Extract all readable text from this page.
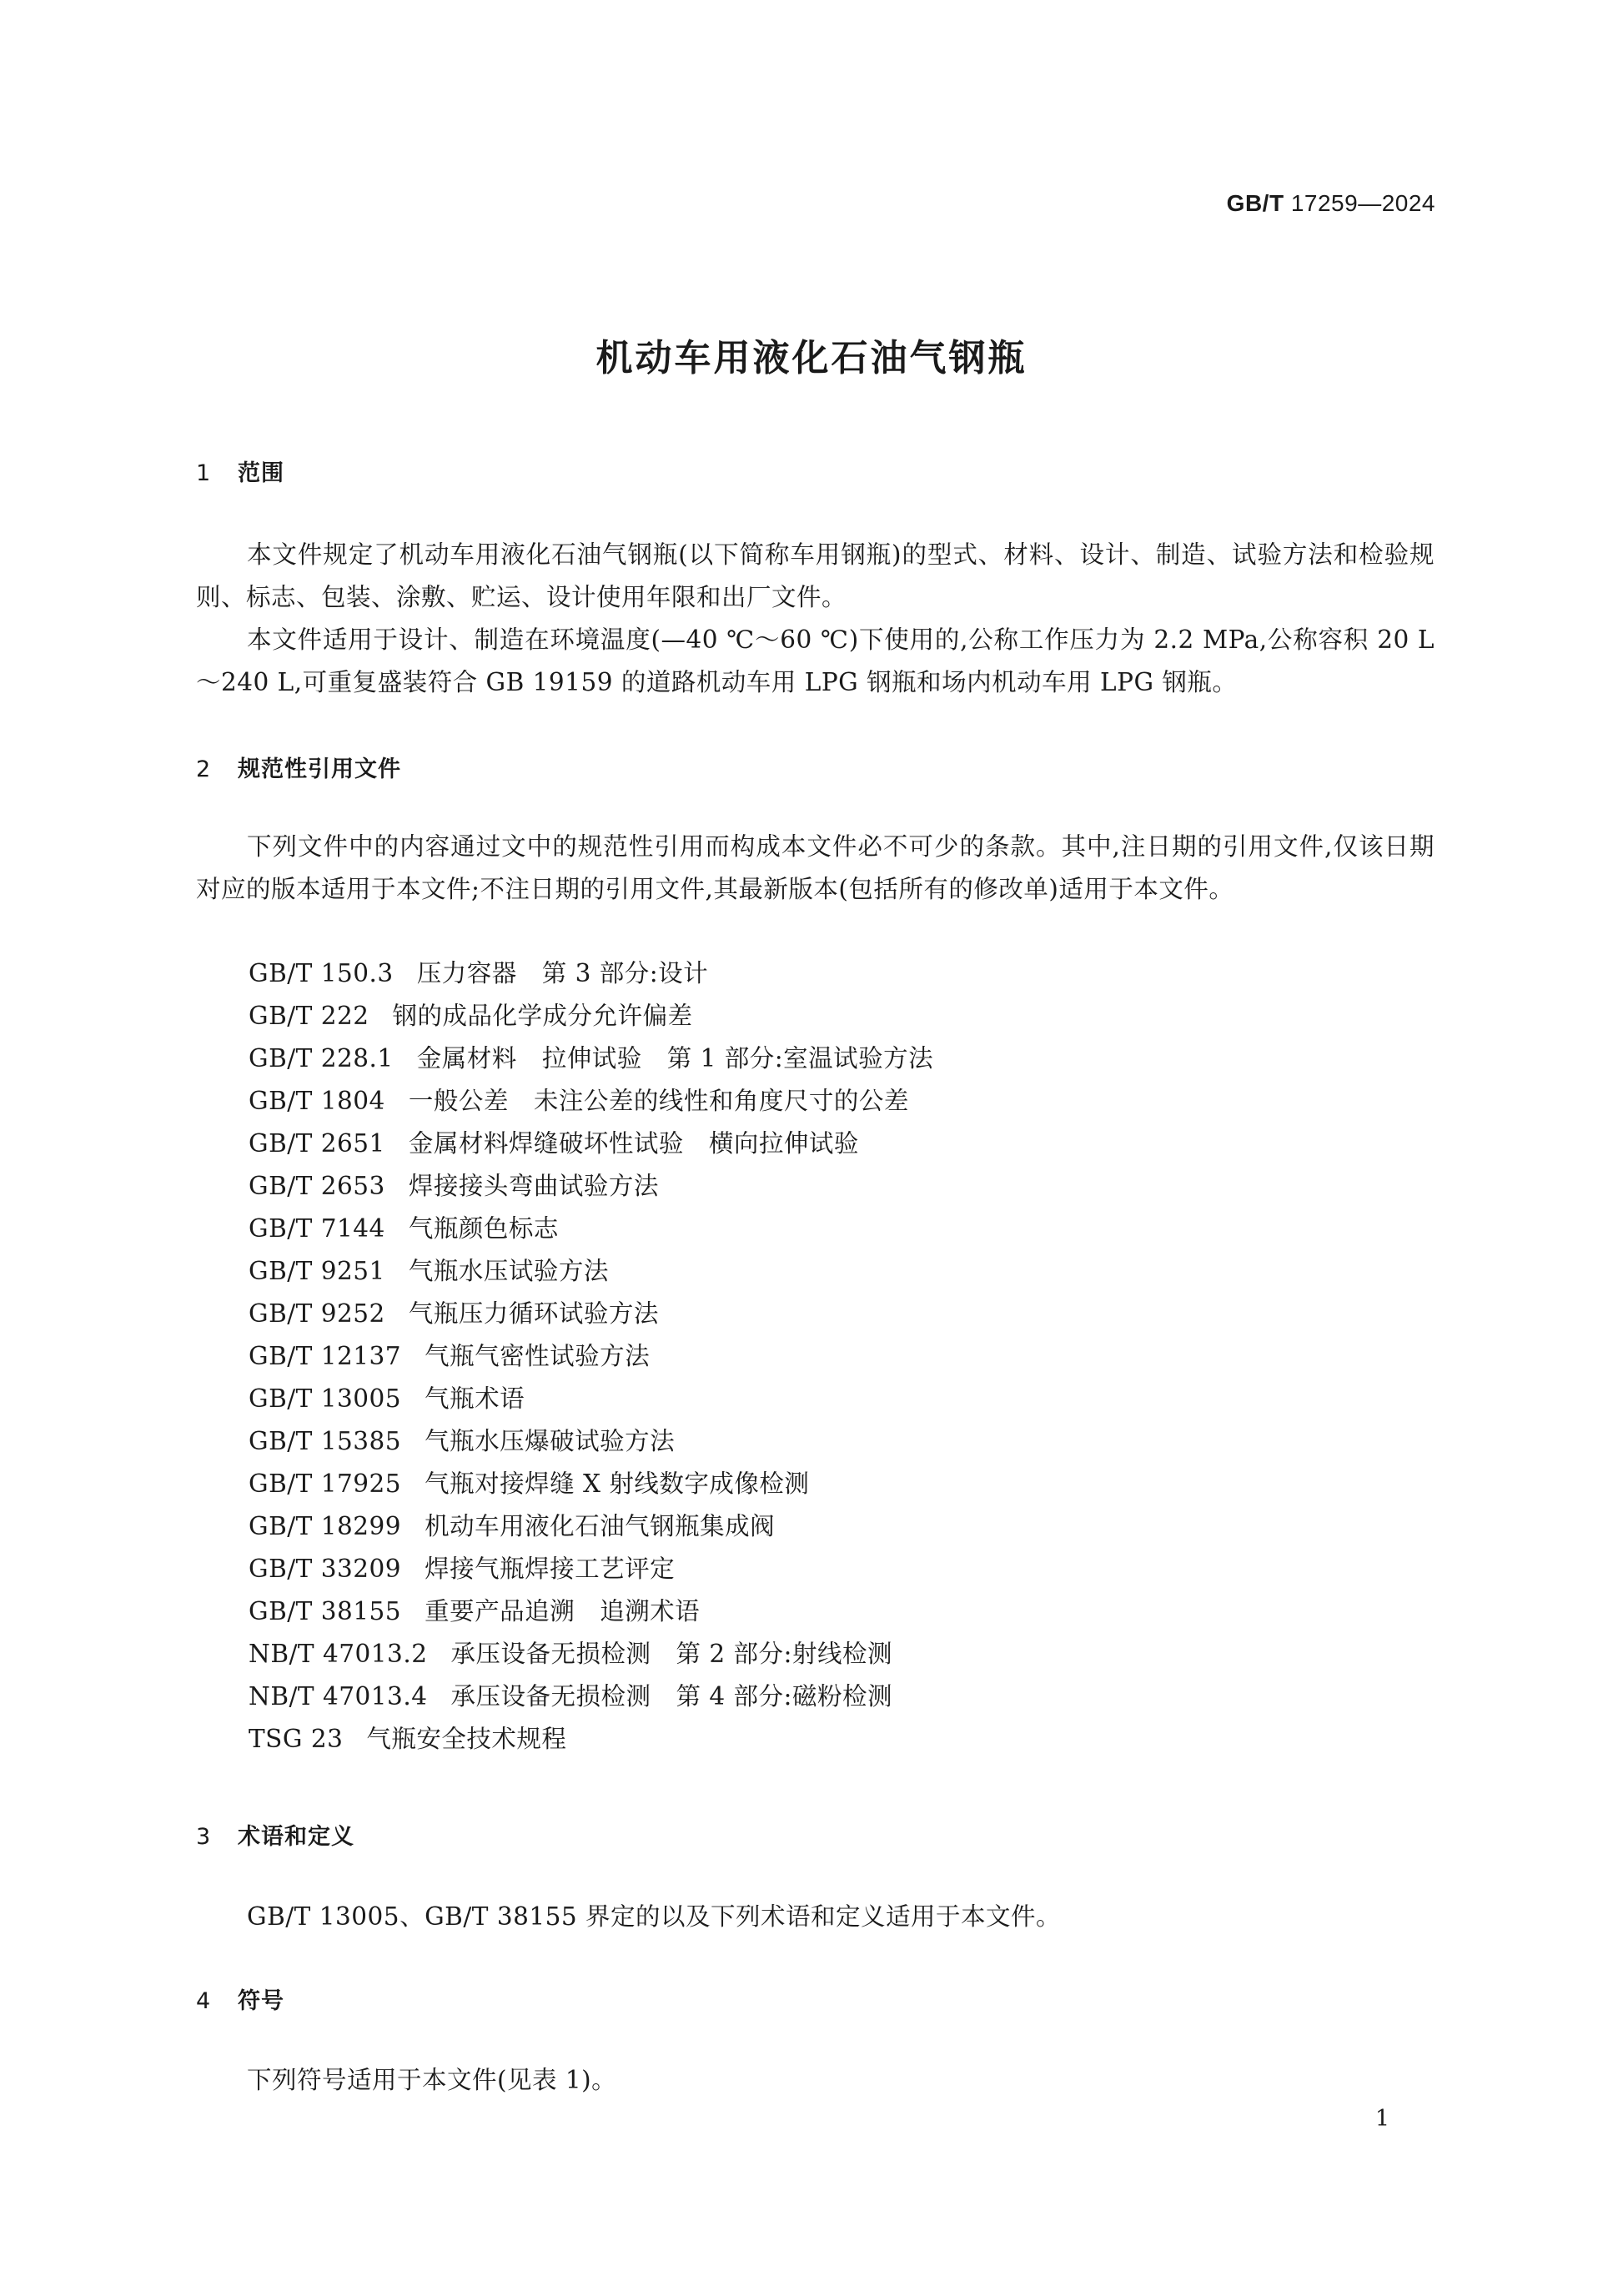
GB/T 17259—2024
机动车用液化石油气钢瓶
1 范围

本文件规定了机动车用液化石油气钢瓶(以下简称车用钢瓶)的型式、材料、设计、制造、试验方法和检验规则、标志、包装、涂敷、贮运、设计使用年限和出厂文件。

本文件适用于设计、制造在环境温度(—40 ℃～60 ℃)下使用的,公称工作压力为 2.2 MPa,公称容积 20 L～240 L,可重复盛装符合 GB 19159 的道路机动车用 LPG 钢瓶和场内机动车用 LPG 钢瓶。

2 规范性引用文件

下列文件中的内容通过文中的规范性引用而构成本文件必不可少的条款。其中,注日期的引用文件,仅该日期对应的版本适用于本文件;不注日期的引用文件,其最新版本(包括所有的修改单)适用于本文件。

GB/T 150.3 压力容器　第 3 部分:设计
GB/T 222 钢的成品化学成分允许偏差
GB/T 228.1 金属材料　拉伸试验　第 1 部分:室温试验方法
GB/T 1804 一般公差　未注公差的线性和角度尺寸的公差
GB/T 2651 金属材料焊缝破坏性试验　横向拉伸试验
GB/T 2653 焊接接头弯曲试验方法
GB/T 7144 气瓶颜色标志
GB/T 9251 气瓶水压试验方法
GB/T 9252 气瓶压力循环试验方法
GB/T 12137 气瓶气密性试验方法
GB/T 13005 气瓶术语
GB/T 15385 气瓶水压爆破试验方法
GB/T 17925 气瓶对接焊缝 X 射线数字成像检测
GB/T 18299 机动车用液化石油气钢瓶集成阀
GB/T 33209 焊接气瓶焊接工艺评定
GB/T 38155 重要产品追溯　追溯术语
NB/T 47013.2 承压设备无损检测　第 2 部分:射线检测
NB/T 47013.4 承压设备无损检测　第 4 部分:磁粉检测
TSG 23 气瓶安全技术规程
3 术语和定义

GB/T 13005、GB/T 38155 界定的以及下列术语和定义适用于本文件。

4 符号

下列符号适用于本文件(见表 1)。

1
